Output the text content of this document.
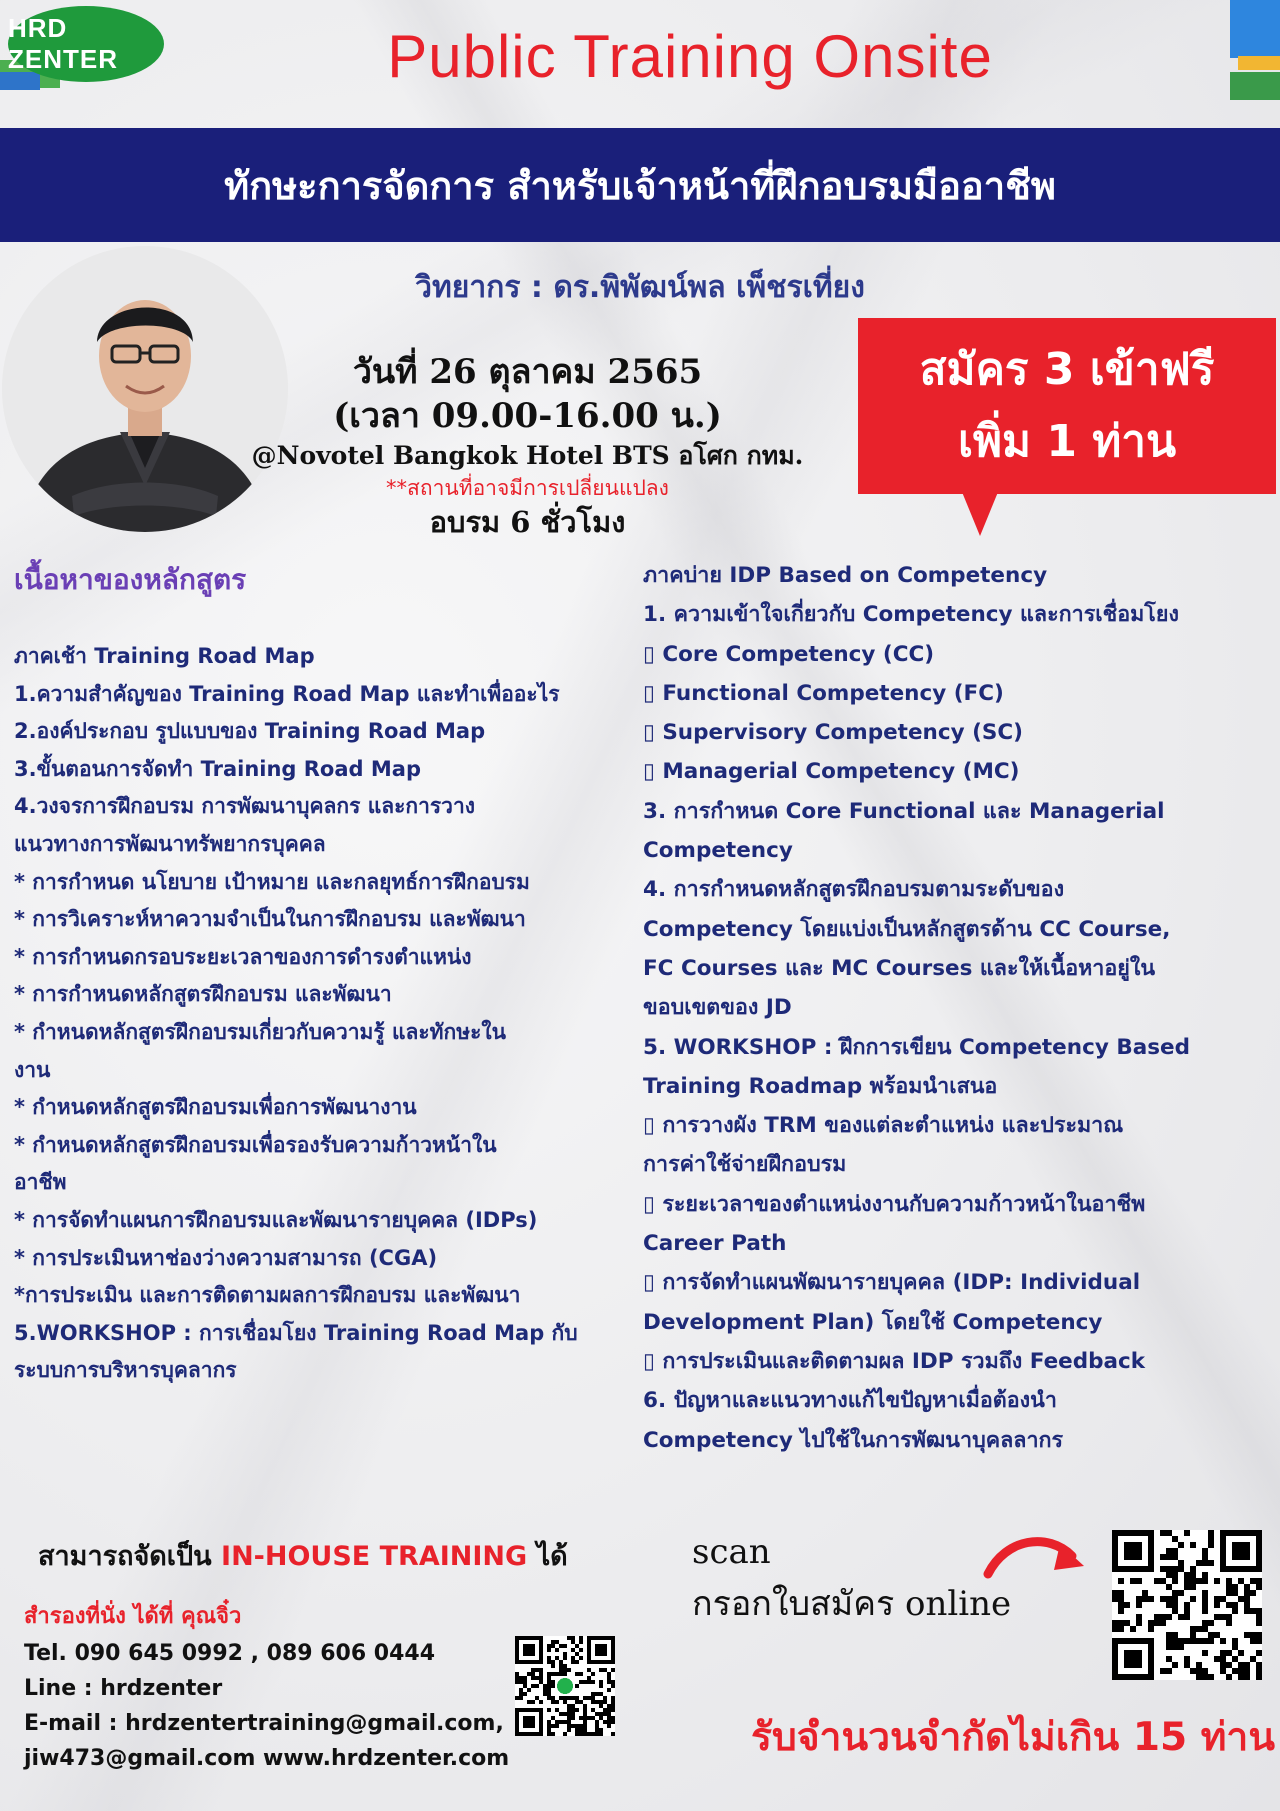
HRD ZENTER	Public Training Onsite
ทักษะการจัดการ สำหรับเจ้าหน้าที่ฝึกอบรมมืออาชีพ
วิทยากร : ดร.พิพัฒน์พล เพ็ชรเที่ยง
วันที่ 26 ตุลาคม 2565
(เวลา 09.00-16.00 น.)
@Novotel Bangkok Hotel BTS อโศก กทม.
**สถานที่อาจมีการเปลี่ยนแปลง
อบรม 6 ชั่วโมง
สมัคร 3 เข้าฟรี
เพิ่ม 1 ท่าน
เนื้อหาของหลักสูตร
ภาคเช้า Training Road Map
1.ความสำคัญของ Training Road Map และทำเพื่ออะไร
2.องค์ประกอบ รูปแบบของ Training Road Map
3.ขั้นตอนการจัดทำ Training Road Map
4.วงจรการฝึกอบรม การพัฒนาบุคลกร และการวาง
แนวทางการพัฒนาทรัพยากรบุคคล
* การกำหนด นโยบาย เป้าหมาย และกลยุทธ์การฝึกอบรม
* การวิเคราะห์หาความจำเป็นในการฝึกอบรม และพัฒนา
* การกำหนดกรอบระยะเวลาของการดำรงตำแหน่ง
* การกำหนดหลักสูตรฝึกอบรม และพัฒนา
* กำหนดหลักสูตรฝึกอบรมเกี่ยวกับความรู้ และทักษะใน
งาน
* กำหนดหลักสูตรฝึกอบรมเพื่อการพัฒนางาน
* กำหนดหลักสูตรฝึกอบรมเพื่อรองรับความก้าวหน้าใน
อาชีพ
* การจัดทำแผนการฝึกอบรมและพัฒนารายบุคคล (IDPs)
* การประเมินหาช่องว่างความสามารถ (CGA)
*การประเมิน และการติดตามผลการฝึกอบรม และพัฒนา
5.WORKSHOP : การเชื่อมโยง Training Road Map กับ
ระบบการบริหารบุคลากร
ภาคบ่าย IDP Based on Competency
1. ความเข้าใจเกี่ยวกับ Competency และการเชื่อมโยง
▯ Core Competency (CC)
▯ Functional Competency (FC)
▯ Supervisory Competency (SC)
▯ Managerial Competency (MC)
3. การกำหนด Core Functional และ Managerial
Competency
4. การกำหนดหลักสูตรฝึกอบรมตามระดับของ
Competency โดยแบ่งเป็นหลักสูตรด้าน CC Course,
FC Courses และ MC Courses และให้เนื้อหาอยู่ใน
ขอบเขตของ JD
5. WORKSHOP : ฝึกการเขียน Competency Based
Training Roadmap พร้อมนำเสนอ
▯ การวางผัง TRM ของแต่ละตำแหน่ง และประมาณ
การค่าใช้จ่ายฝึกอบรม
▯ ระยะเวลาของตำแหน่งงานกับความก้าวหน้าในอาชีพ
Career Path
▯ การจัดทำแผนพัฒนารายบุคคล (IDP: Individual
Development Plan) โดยใช้ Competency
▯ การประเมินและติดตามผล IDP รวมถึง Feedback
6. ปัญหาและแนวทางแก้ไขปัญหาเมื่อต้องนำ
Competency ไปใช้ในการพัฒนาบุคลลากร
สามารถจัดเป็น IN-HOUSE TRAINING ได้
สำรองที่นั่ง ได้ที่ คุณจิ๋ว
Tel. 090 645 0992 , 089 606 0444
Line : hrdzenter
E-mail : hrdzentertraining@gmail.com,
jiw473@gmail.com www.hrdzenter.com
scan
กรอกใบสมัคร online
รับจำนวนจำกัดไม่เกิน 15 ท่าน
